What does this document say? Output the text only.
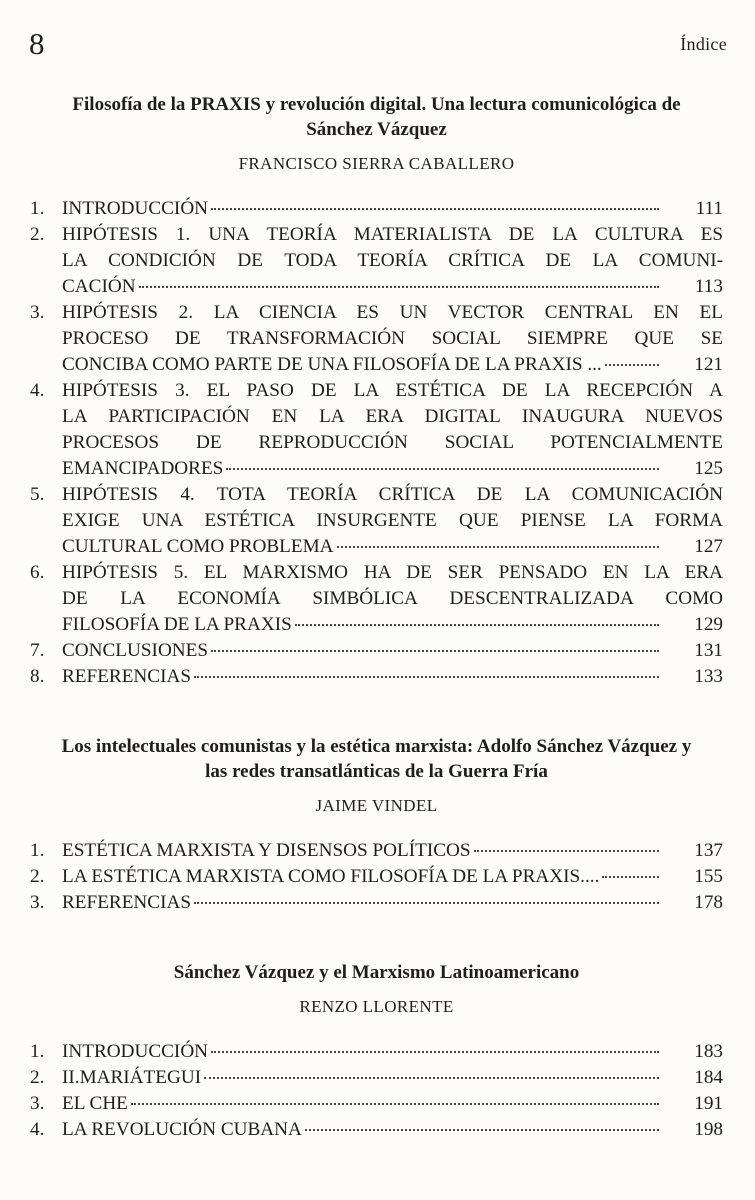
8	Índice
Filosofía de la PRAXIS y revolución digital. Una lectura comunicológica de
Sánchez Vázquez
FRANCISCO SIERRA CABALLERO
1. INTRODUCCIÓN	111
2. HIPÓTESIS 1. UNA TEORÍA MATERIALISTA DE LA CULTURA ES
LA CONDICIÓN DE TODA TEORÍA CRÍTICA DE LA COMUNI-
CACIÓN	113
3. HIPÓTESIS 2. LA CIENCIA ES UN VECTOR CENTRAL EN EL
PROCESO DE TRANSFORMACIÓN SOCIAL SIEMPRE QUE SE
CONCIBA COMO PARTE DE UNA FILOSOFÍA DE LA PRAXIS ...	121
4. HIPÓTESIS 3. EL PASO DE LA ESTÉTICA DE LA RECEPCIÓN A
LA PARTICIPACIÓN EN LA ERA DIGITAL INAUGURA NUEVOS
PROCESOS DE REPRODUCCIÓN SOCIAL POTENCIALMENTE
EMANCIPADORES	125
5. HIPÓTESIS 4. TOTA TEORÍA CRÍTICA DE LA COMUNICACIÓN
EXIGE UNA ESTÉTICA INSURGENTE QUE PIENSE LA FORMA
CULTURAL COMO PROBLEMA	127
6. HIPÓTESIS 5. EL MARXISMO HA DE SER PENSADO EN LA ERA
DE LA ECONOMÍA SIMBÓLICA DESCENTRALIZADA COMO
FILOSOFÍA DE LA PRAXIS	129
7. CONCLUSIONES	131
8. REFERENCIAS	133
Los intelectuales comunistas y la estética marxista: Adolfo Sánchez Vázquez y
las redes transatlánticas de la Guerra Fría
JAIME VINDEL
1. ESTÉTICA MARXISTA Y DISENSOS POLÍTICOS	137
2. LA ESTÉTICA MARXISTA COMO FILOSOFÍA DE LA PRAXIS....	155
3. REFERENCIAS	178
Sánchez Vázquez y el Marxismo Latinoamericano
RENZO LLORENTE
1. INTRODUCCIÓN	183
2. II.MARIÁTEGUI	184
3. EL CHE	191
4. LA REVOLUCIÓN CUBANA	198
